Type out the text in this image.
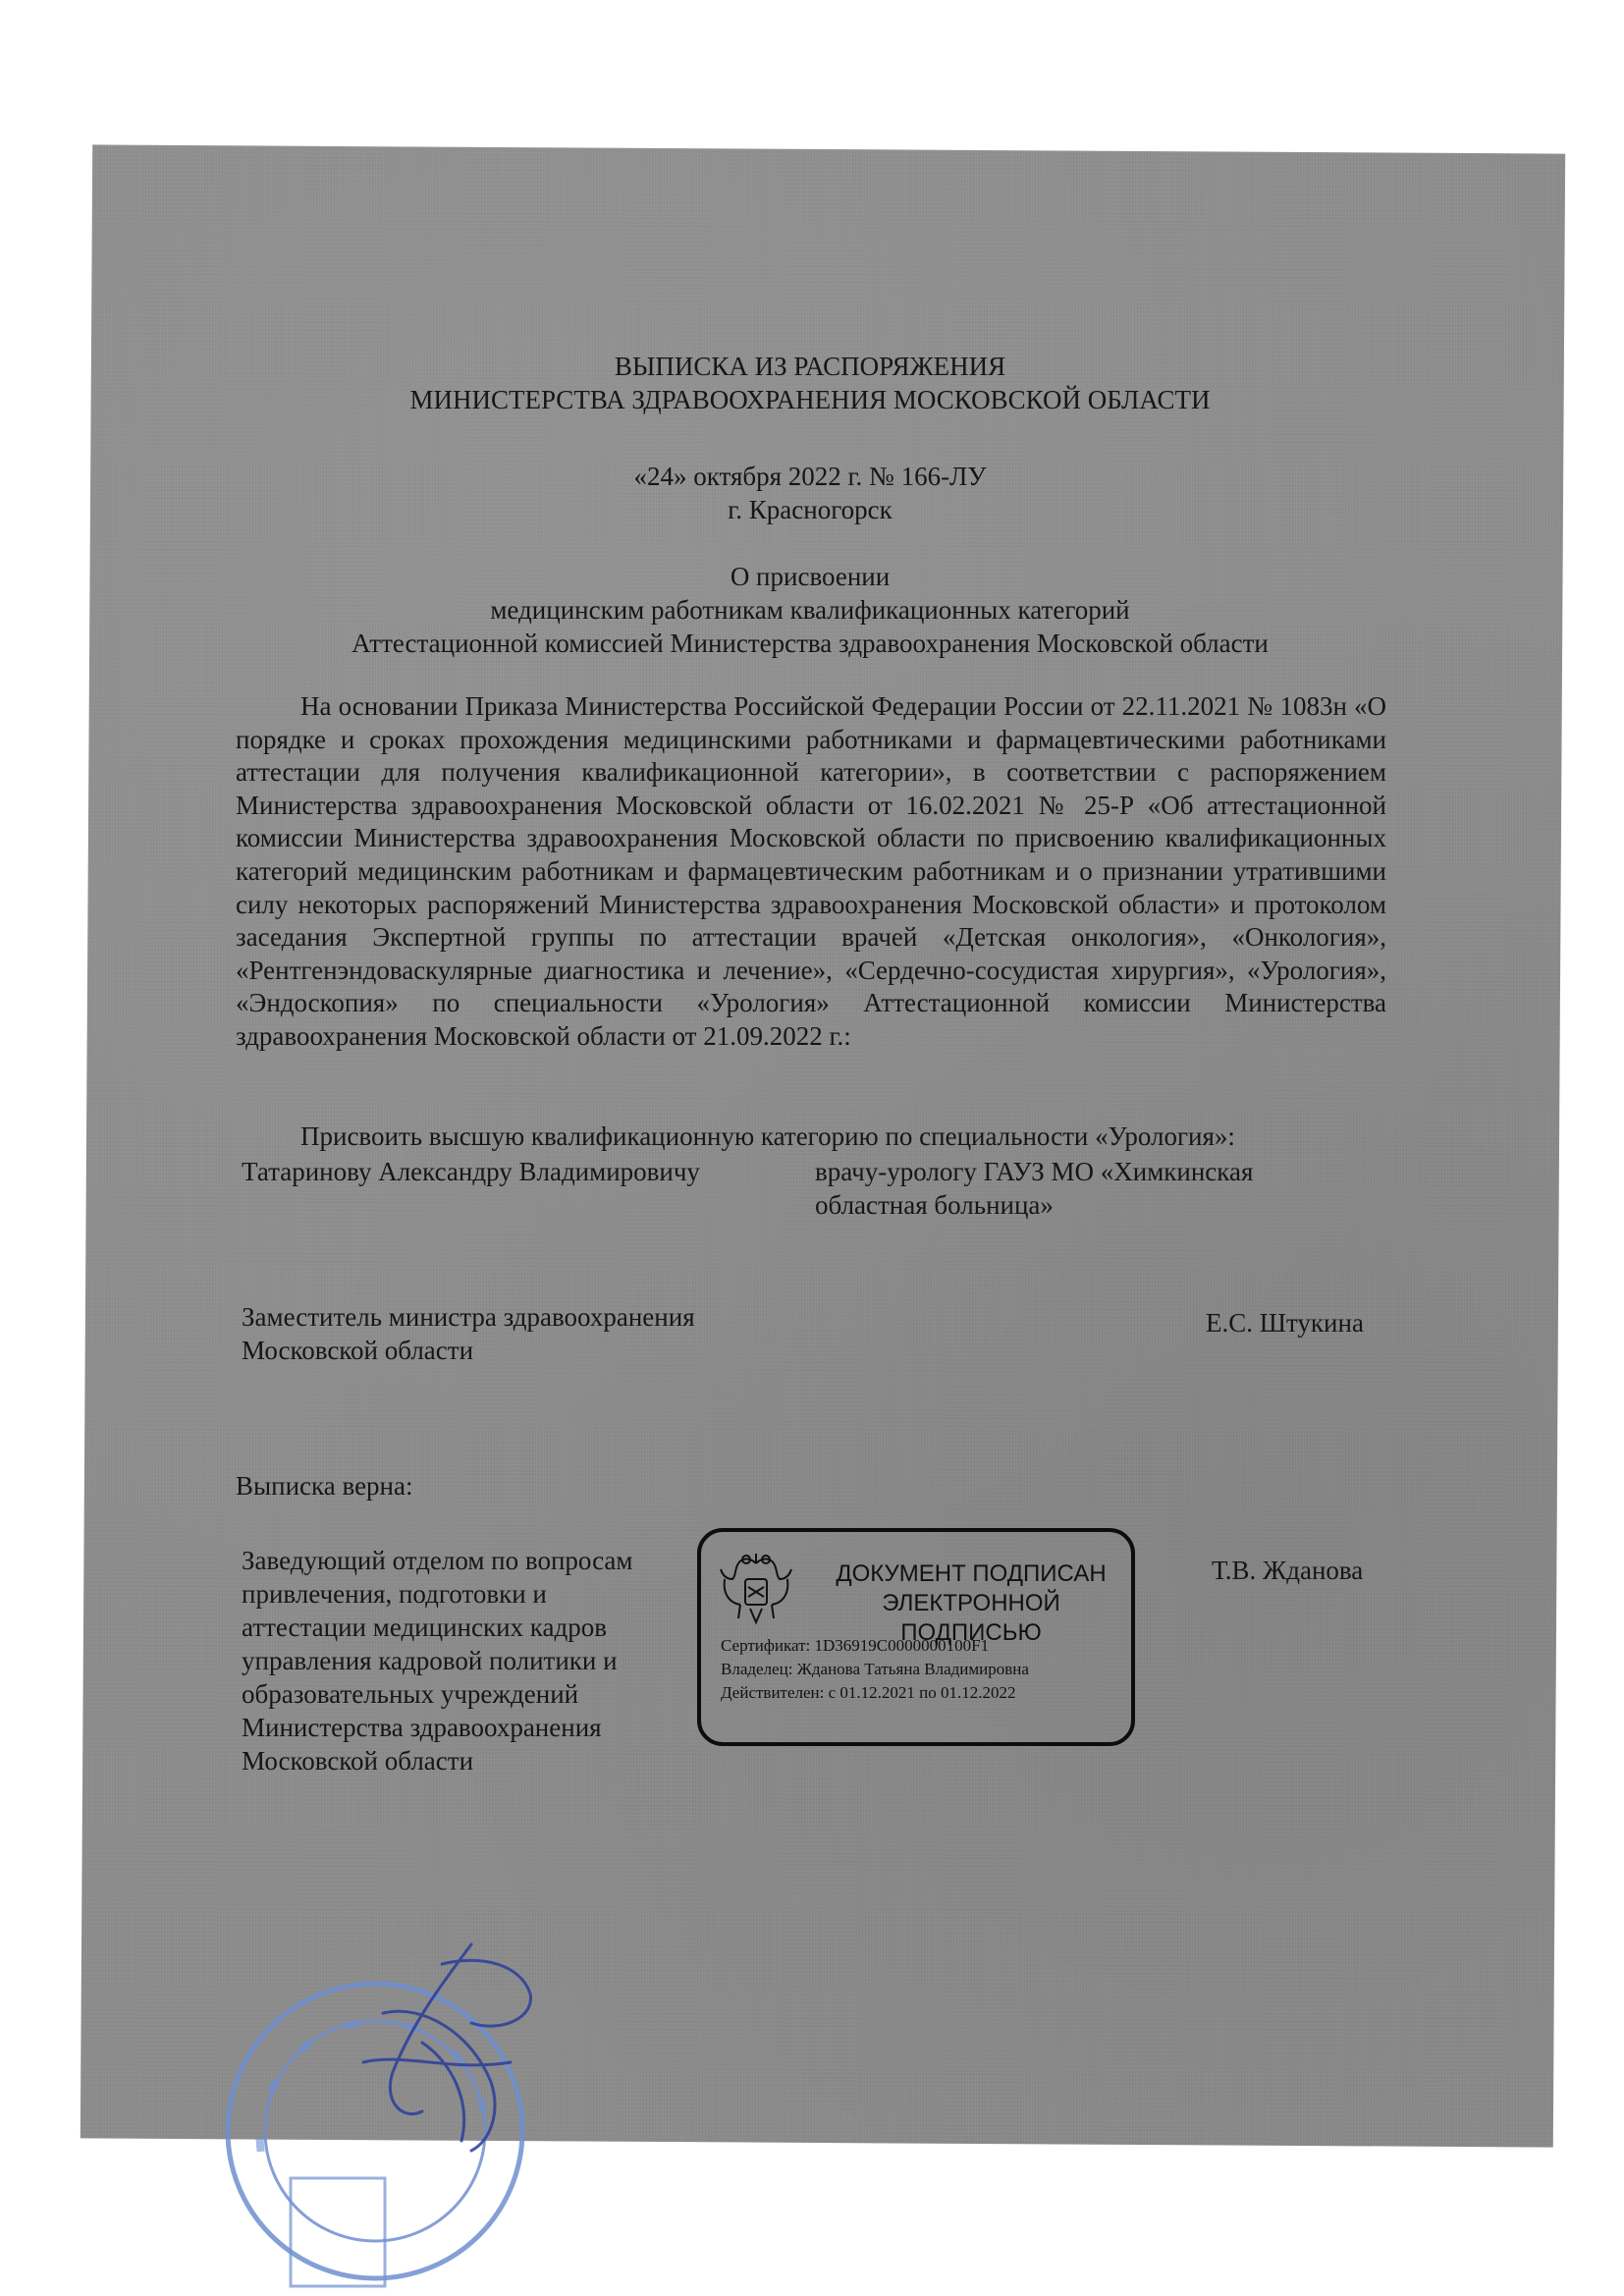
ВЫПИСКА ИЗ РАСПОРЯЖЕНИЯ
МИНИСТЕРСТВА ЗДРАВООХРАНЕНИЯ МОСКОВСКОЙ ОБЛАСТИ
«24» октября 2022 г. № 166-ЛУ
г. Красногорск
О присвоении
медицинским работникам квалификационных категорий
Аттестационной комиссией Министерства здравоохранения Московской области
На основании Приказа Министерства Российской Федерации России от 22.11.2021 № 1083н «О порядке и сроках прохождения медицинскими работниками и фармацевтическими работниками аттестации для получения квалификационной категории», в соответствии с распоряжением Министерства здравоохранения Московской области от 16.02.2021 № 25-Р «Об аттестационной комиссии Министерства здравоохранения Московской области по присвоению квалификационных категорий медицинским работникам и фармацевтическим работникам и о признании утратившими силу некоторых распоряжений Министерства здравоохранения Московской области» и протоколом заседания Экспертной группы по аттестации врачей «Детская онкология», «Онкология», «Рентгенэндоваскулярные диагностика и лечение», «Сердечно-сосудистая хирургия», «Урология», «Эндоскопия» по специальности «Урология» Аттестационной комиссии Министерства здравоохранения Московской области от 21.09.2022 г.:
Присвоить высшую квалификационную категорию по специальности «Урология»:
Татаринову Александру Владимировичу	врачу-урологу ГАУЗ МО «Химкинская
областная больница»
Заместитель министра здравоохранения
Московской области
Е.С. Штукина
Выписка верна:
Заведующий отделом по вопросам
привлечения, подготовки и
аттестации медицинских кадров
управления кадровой политики и
образовательных учреждений
Министерства здравоохранения
Московской области
Т.В. Жданова
ДОКУМЕНТ ПОДПИСАН
ЭЛЕКТРОННОЙ ПОДПИСЬЮ
Сертификат: 1D36919C0000000100F1
Владелец: Жданова Татьяна Владимировна
Действителен: с 01.12.2021 по 01.12.2022
